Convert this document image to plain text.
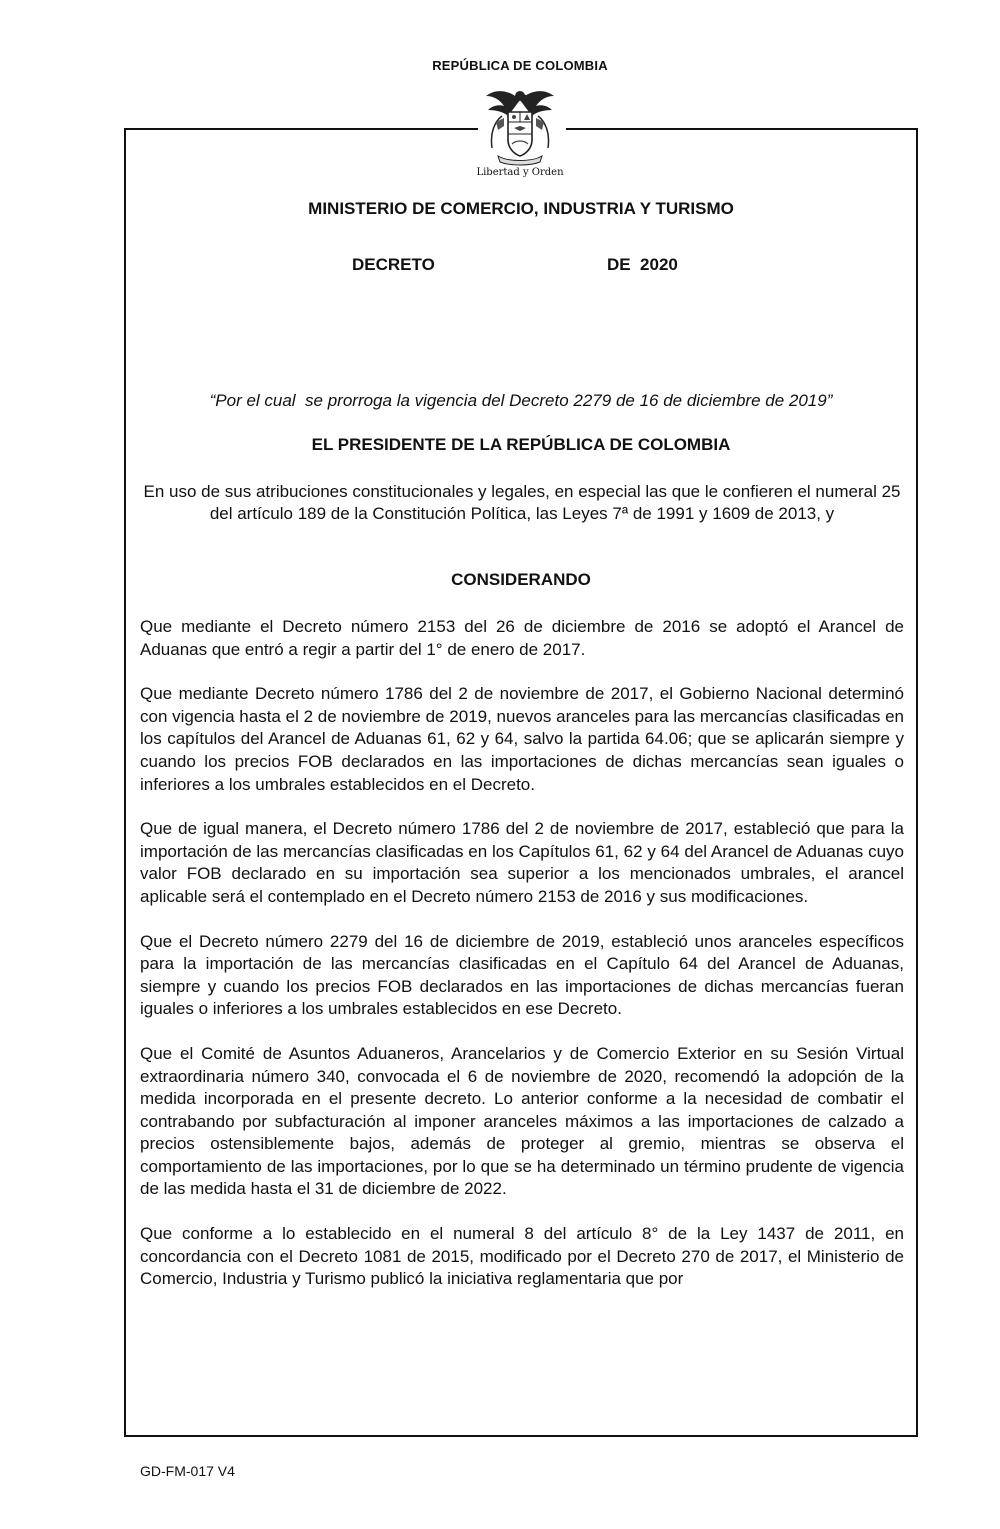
REPÚBLICA DE COLOMBIA
Libertad y Orden
MINISTERIO DE COMERCIO, INDUSTRIA Y TURISMO
DECRETO	DE  2020
“Por el cual  se prorroga la vigencia del Decreto 2279 de 16 de diciembre de 2019”
EL PRESIDENTE DE LA REPÚBLICA DE COLOMBIA
En uso de sus atribuciones constitucionales y legales, en especial las que le confieren el numeral 25 del artículo 189 de la Constitución Política, las Leyes 7ª de 1991 y 1609 de 2013, y
CONSIDERANDO

Que mediante el Decreto número 2153 del 26 de diciembre de 2016 se adoptó el Arancel de Aduanas que entró a regir a partir del 1° de enero de 2017.

Que mediante Decreto número 1786 del 2 de noviembre de 2017, el Gobierno Nacional determinó con vigencia hasta el 2 de noviembre de 2019, nuevos aranceles para las mercancías clasificadas en los capítulos del Arancel de Aduanas 61, 62 y 64, salvo la partida 64.06; que se aplicarán siempre y cuando los precios FOB declarados en las importaciones de dichas mercancías sean iguales o inferiores a los umbrales establecidos en el Decreto.

Que de igual manera, el Decreto número 1786 del 2 de noviembre de 2017, estableció que para la importación de las mercancías clasificadas en los Capítulos 61, 62 y 64 del Arancel de Aduanas cuyo valor FOB declarado en su importación sea superior a los mencionados umbrales, el arancel aplicable será el contemplado en el Decreto número 2153 de 2016 y sus modificaciones.

Que el Decreto número 2279 del 16 de diciembre de 2019, estableció unos aranceles específicos para la importación de las mercancías clasificadas en el Capítulo 64 del Arancel de Aduanas, siempre y cuando los precios FOB declarados en las importaciones de dichas mercancías fueran iguales o inferiores a los umbrales establecidos en ese Decreto.

Que el Comité de Asuntos Aduaneros, Arancelarios y de Comercio Exterior en su Sesión Virtual extraordinaria número 340, convocada el 6 de noviembre de 2020, recomendó la adopción de la medida incorporada en el presente decreto. Lo anterior conforme a la necesidad de combatir el contrabando por subfacturación al imponer aranceles máximos a las importaciones de calzado a precios ostensiblemente bajos, además de proteger al gremio, mientras se observa el comportamiento de las importaciones, por lo que se ha determinado un término prudente de vigencia de las medida hasta el 31 de diciembre de 2022.

Que conforme a lo establecido en el numeral 8 del artículo 8° de la Ley 1437 de 2011, en concordancia con el Decreto 1081 de 2015, modificado por el Decreto 270 de 2017, el Ministerio de Comercio, Industria y Turismo publicó la iniciativa reglamentaria que por

GD-FM-017 V4
